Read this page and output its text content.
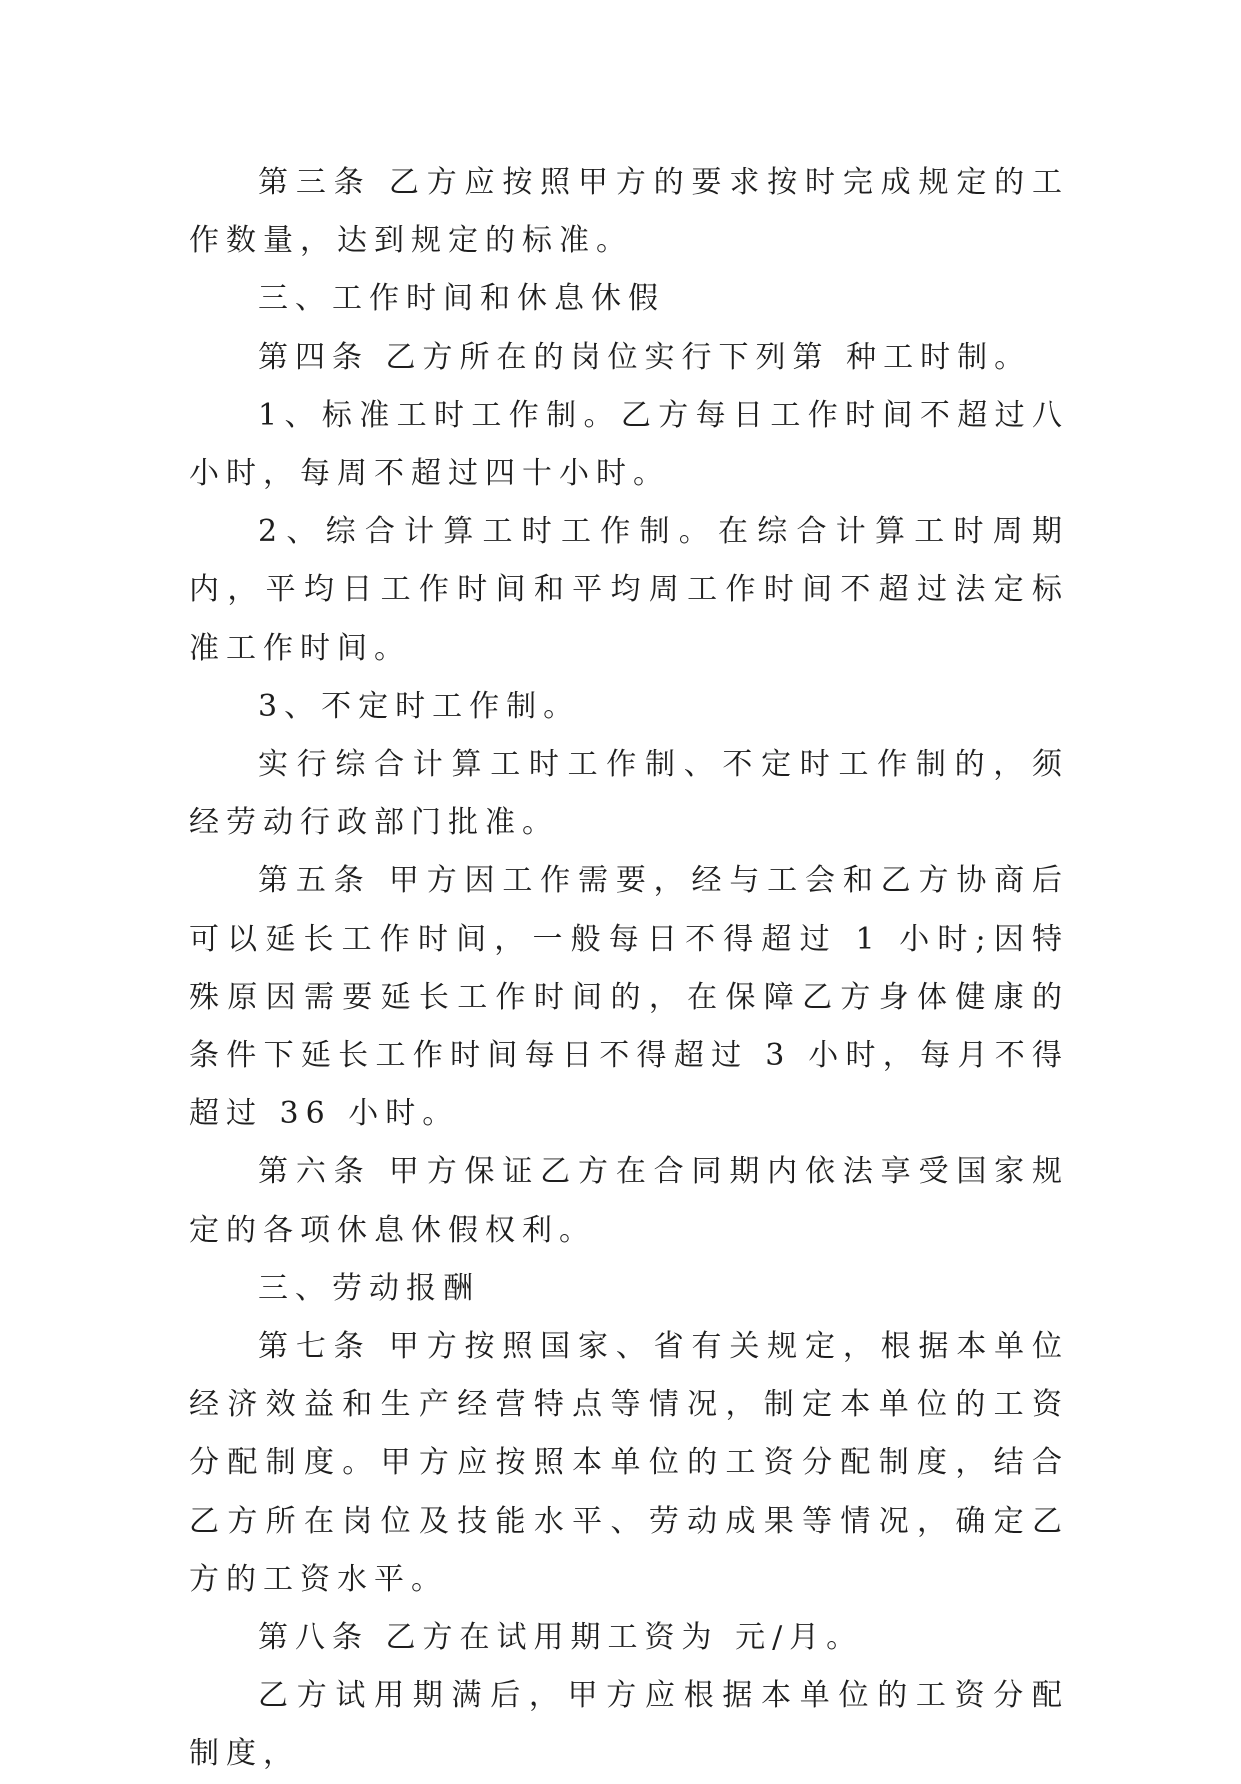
第三条 乙方应按照甲方的要求按时完成规定的工作数量，达到规定的标准。

三、工作时间和休息休假

第四条 乙方所在的岗位实行下列第 种工时制。

1、标准工时工作制。乙方每日工作时间不超过八小时，每周不超过四十小时。

2、综合计算工时工作制。在综合计算工时周期内，平均日工作时间和平均周工作时间不超过法定标准工作时间。

3、不定时工作制。

实行综合计算工时工作制、不定时工作制的，须经劳动行政部门批准。

第五条 甲方因工作需要，经与工会和乙方协商后可以延长工作时间，一般每日不得超过 1 小时;因特殊原因需要延长工作时间的，在保障乙方身体健康的条件下延长工作时间每日不得超过 3 小时，每月不得超过 36 小时。

第六条 甲方保证乙方在合同期内依法享受国家规定的各项休息休假权利。

三、劳动报酬

第七条 甲方按照国家、省有关规定，根据本单位经济效益和生产经营特点等情况，制定本单位的工资分配制度。甲方应按照本单位的工资分配制度，结合乙方所在岗位及技能水平、劳动成果等情况，确定乙方的工资水平。

第八条 乙方在试用期工资为 元/月。

乙方试用期满后，甲方应根据本单位的工资分配制度，
